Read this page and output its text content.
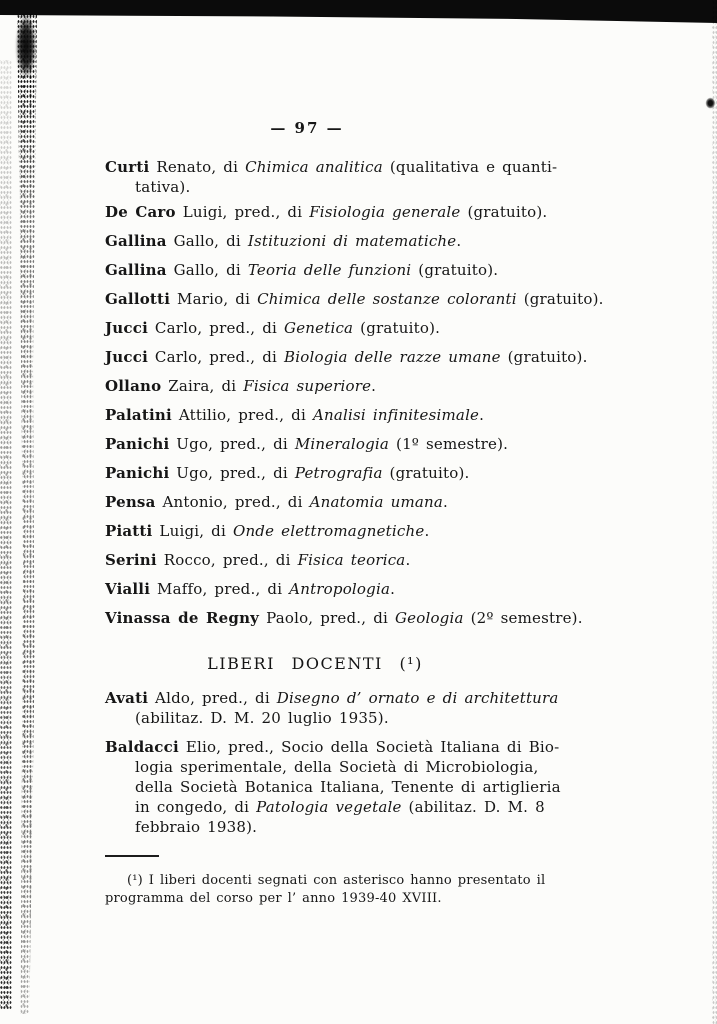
— 97 —

Curti Renato, di Chimica analitica (qualitativa e quanti-
tativa).

De Caro Luigi, pred., di Fisiologia generale (gratuito).

Gallina Gallo, di Istituzioni di matematiche.

Gallina Gallo, di Teoria delle funzioni (gratuito).

Gallotti Mario, di Chimica delle sostanze coloranti (gratuito).

Jucci Carlo, pred., di Genetica (gratuito).

Jucci Carlo, pred., di Biologia delle razze umane (gratuito).

Ollano Zaira, di Fisica superiore.

Palatini Attilio, pred., di Analisi infinitesimale.

Panichi Ugo, pred., di Mineralogia (1º semestre).

Panichi Ugo, pred., di Petrografia (gratuito).

Pensa Antonio, pred., di Anatomia umana.

Piatti Luigi, di Onde elettromagnetiche.

Serini Rocco, pred., di Fisica teorica.

Vialli Maffo, pred., di Antropologia.

Vinassa de Regny Paolo, pred., di Geologia (2º semestre).

LIBERI DOCENTI (¹)

Avati Aldo, pred., di Disegno d’ ornato e di architettura
(abilitaz. D. M. 20 luglio 1935).

Baldacci Elio, pred., Socio della Società Italiana di Bio-
logia sperimentale, della Società di Microbiologia,
della Società Botanica Italiana, Tenente di artiglieria
in congedo, di Patologia vegetale (abilitaz. D. M. 8
febbraio 1938).

(¹) I liberi docenti segnati con asterisco hanno presentato il
programma del corso per l’ anno 1939-40 XVIII.
